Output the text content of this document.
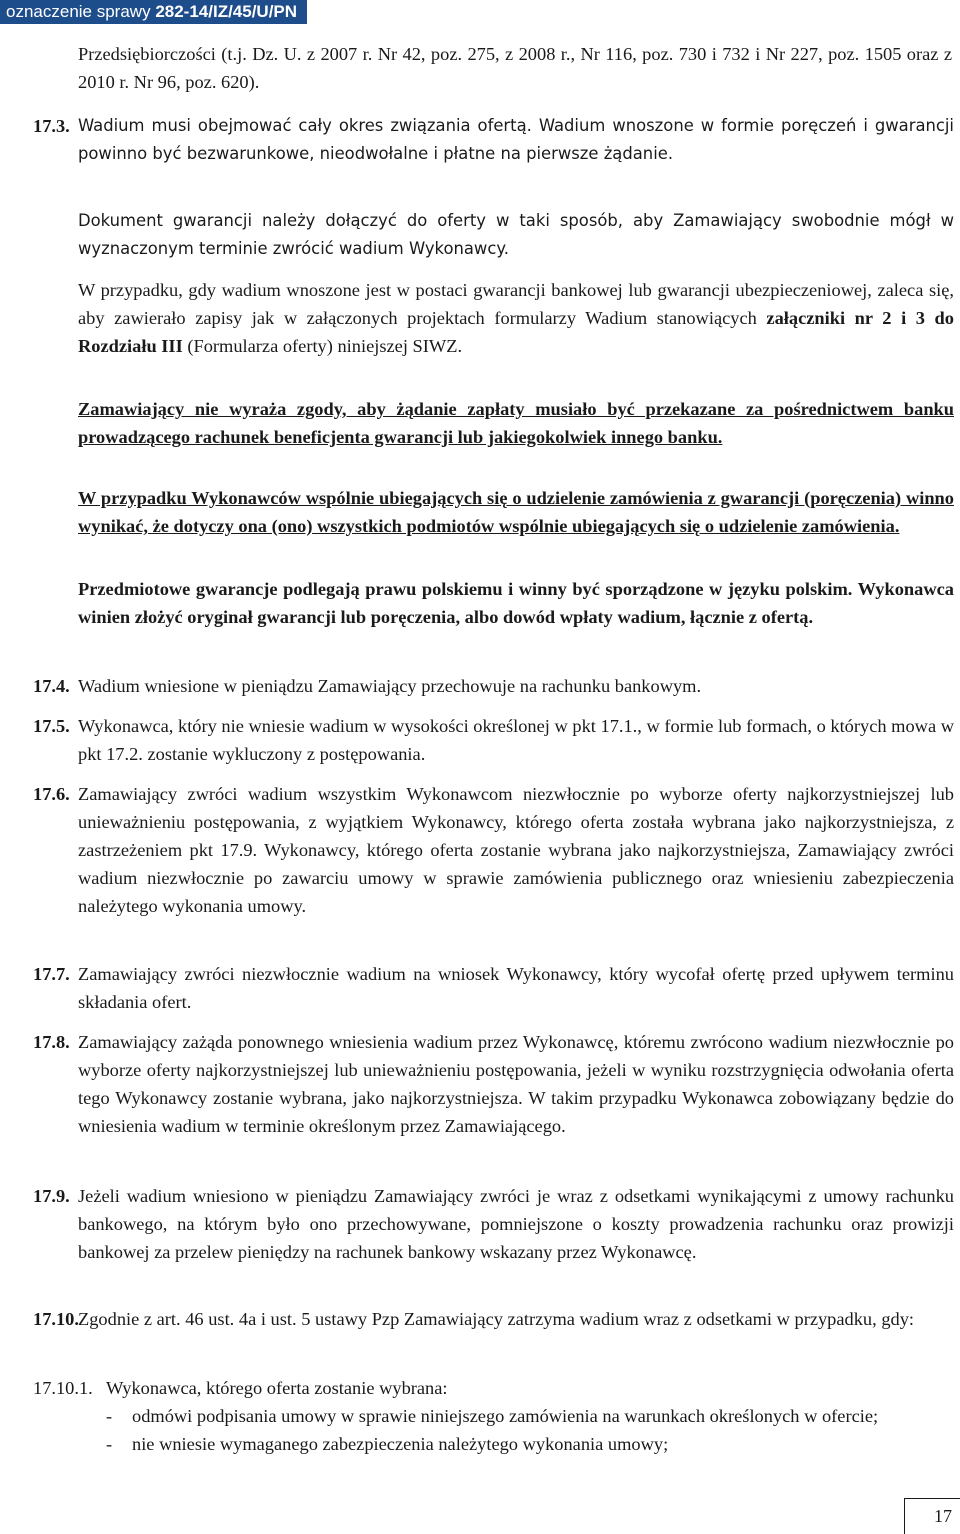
oznaczenie sprawy 282-14/IZ/45/U/PN

Przedsiębiorczości (t.j. Dz. U. z 2007 r. Nr 42, poz. 275, z 2008 r., Nr 116, poz. 730 i 732 i Nr 227, poz. 1505 oraz z 2010 r. Nr 96, poz. 620).

17.3. Wadium musi obejmować cały okres związania ofertą. Wadium wnoszone w formie poręczeń i gwarancji powinno być bezwarunkowe, nieodwołalne i płatne na pierwsze żądanie.

Dokument gwarancji należy dołączyć do oferty w taki sposób, aby Zamawiający swobodnie mógł w wyznaczonym terminie zwrócić wadium Wykonawcy.

W przypadku, gdy wadium wnoszone jest w postaci gwarancji bankowej lub gwarancji ubezpieczeniowej, zaleca się, aby zawierało zapisy jak w załączonych projektach formularzy Wadium stanowiących załączniki nr 2 i 3 do Rozdziału III (Formularza oferty) niniejszej SIWZ.

Zamawiający nie wyraża zgody, aby żądanie zapłaty musiało być przekazane za pośrednictwem banku prowadzącego rachunek beneficjenta gwarancji lub jakiegokolwiek innego banku.

W przypadku Wykonawców wspólnie ubiegających się o udzielenie zamówienia z gwarancji (poręczenia) winno wynikać, że dotyczy ona (ono) wszystkich podmiotów wspólnie ubiegających się o udzielenie zamówienia.

Przedmiotowe gwarancje podlegają prawu polskiemu i winny być sporządzone w języku polskim. Wykonawca winien złożyć oryginał gwarancji lub poręczenia, albo dowód wpłaty wadium, łącznie z ofertą.

17.4. Wadium wniesione w pieniądzu Zamawiający przechowuje na rachunku bankowym.

17.5. Wykonawca, który nie wniesie wadium w wysokości określonej w pkt 17.1., w formie lub formach, o których mowa w pkt 17.2. zostanie wykluczony z postępowania.

17.6. Zamawiający zwróci wadium wszystkim Wykonawcom niezwłocznie po wyborze oferty najkorzystniejszej lub unieważnieniu postępowania, z wyjątkiem Wykonawcy, którego oferta została wybrana jako najkorzystniejsza, z zastrzeżeniem pkt 17.9. Wykonawcy, którego oferta zostanie wybrana jako najkorzystniejsza, Zamawiający zwróci wadium niezwłocznie po zawarciu umowy w sprawie zamówienia publicznego oraz wniesieniu zabezpieczenia należytego wykonania umowy.

17.7. Zamawiający zwróci niezwłocznie wadium na wniosek Wykonawcy, który wycofał ofertę przed upływem terminu składania ofert.

17.8. Zamawiający zażąda ponownego wniesienia wadium przez Wykonawcę, któremu zwrócono wadium niezwłocznie po wyborze oferty najkorzystniejszej lub unieważnieniu postępowania, jeżeli w wyniku rozstrzygnięcia odwołania oferta tego Wykonawcy zostanie wybrana, jako najkorzystniejsza. W takim przypadku Wykonawca zobowiązany będzie do wniesienia wadium w terminie określonym przez Zamawiającego.

17.9. Jeżeli wadium wniesiono w pieniądzu Zamawiający zwróci je wraz z odsetkami wynikającymi z umowy rachunku bankowego, na którym było ono przechowywane, pomniejszone o koszty prowadzenia rachunku oraz prowizji bankowej za przelew pieniędzy na rachunek bankowy wskazany przez Wykonawcę.

17.10. Zgodnie z art. 46 ust. 4a i ust. 5 ustawy Pzp Zamawiający zatrzyma wadium wraz z odsetkami w przypadku, gdy:

17.10.1. Wykonawca, którego oferta zostanie wybrana:

- odmówi podpisania umowy w sprawie niniejszego zamówienia na warunkach określonych w ofercie;
- nie wniesie wymaganego zabezpieczenia należytego wykonania umowy;
17
